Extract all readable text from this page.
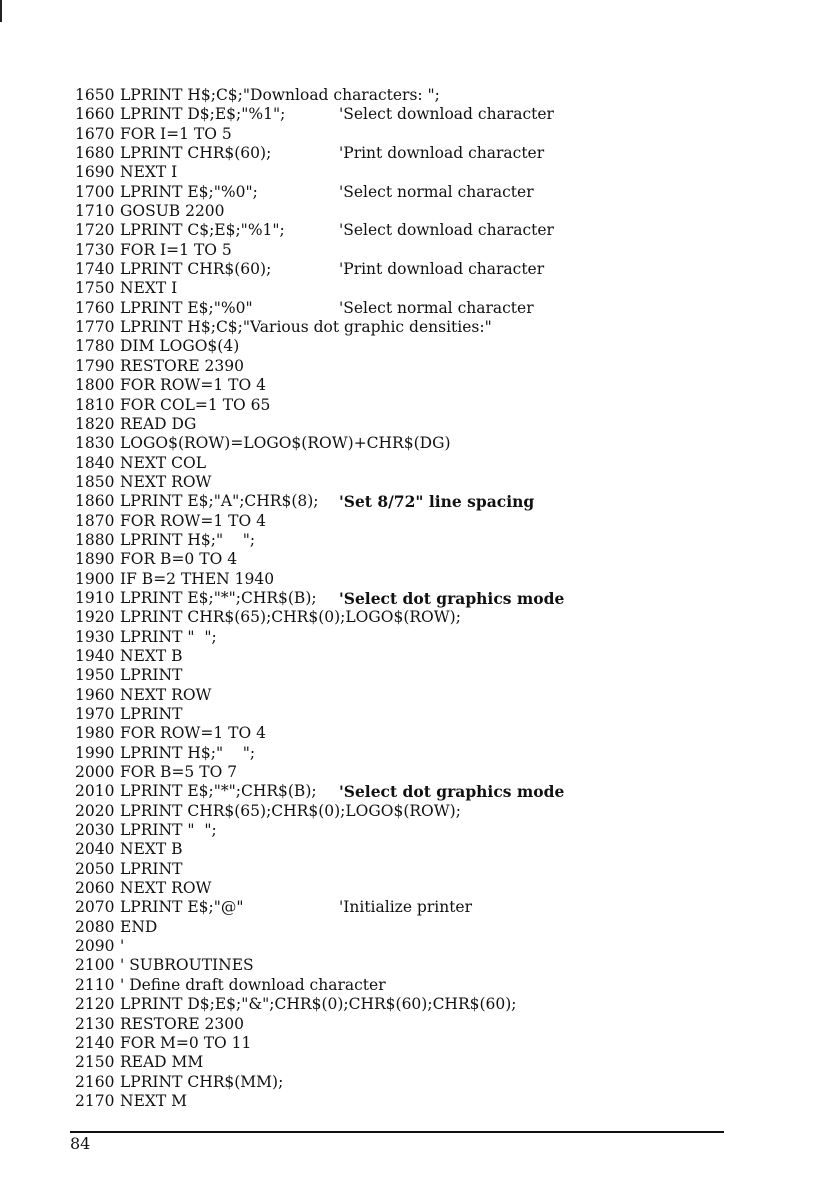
1650 LPRINT H$;C$;"Download characters: ";
1660 LPRINT D$;E$;"%1";	'Select download character
1670 FOR I=1 TO 5
1680 LPRINT CHR$(60);	'Print download character
1690 NEXT I
1700 LPRINT E$;"%0";	'Select normal character
1710 GOSUB 2200
1720 LPRINT C$;E$;"%1";	'Select download character
1730 FOR I=1 TO 5
1740 LPRINT CHR$(60);	'Print download character
1750 NEXT I
1760 LPRINT E$;"%0"	'Select normal character
1770 LPRINT H$;C$;"Various dot graphic densities:"
1780 DIM LOGO$(4)
1790 RESTORE 2390
1800 FOR ROW=1 TO 4
1810 FOR COL=1 TO 65
1820 READ DG
1830 LOGO$(ROW)=LOGO$(ROW)+CHR$(DG)
1840 NEXT COL
1850 NEXT ROW
1860 LPRINT E$;"A";CHR$(8); 'Set 8/72" line spacing
1870 FOR ROW=1 TO 4
1880 LPRINT H$;"    ";
1890 FOR B=0 TO 4
1900 IF B=2 THEN 1940
1910 LPRINT E$;"*";CHR$(B); 'Select dot graphics mode
1920 LPRINT CHR$(65);CHR$(0);LOGO$(ROW);
1930 LPRINT "  ";
1940 NEXT B
1950 LPRINT
1960 NEXT ROW
1970 LPRINT
1980 FOR ROW=1 TO 4
1990 LPRINT H$;"    ";
2000 FOR B=5 TO 7
2010 LPRINT E$;"*";CHR$(B); 'Select dot graphics mode
2020 LPRINT CHR$(65);CHR$(0);LOGO$(ROW);
2030 LPRINT "  ";
2040 NEXT B
2050 LPRINT
2060 NEXT ROW
2070 LPRINT E$;"@"	'Initialize printer
2080 END
2090 '
2100 ' SUBROUTINES
2110 ' Define draft download character
2120 LPRINT D$;E$;"&";CHR$(0);CHR$(60);CHR$(60);
2130 RESTORE 2300
2140 FOR M=0 TO 11
2150 READ MM
2160 LPRINT CHR$(MM);
2170 NEXT M
84
